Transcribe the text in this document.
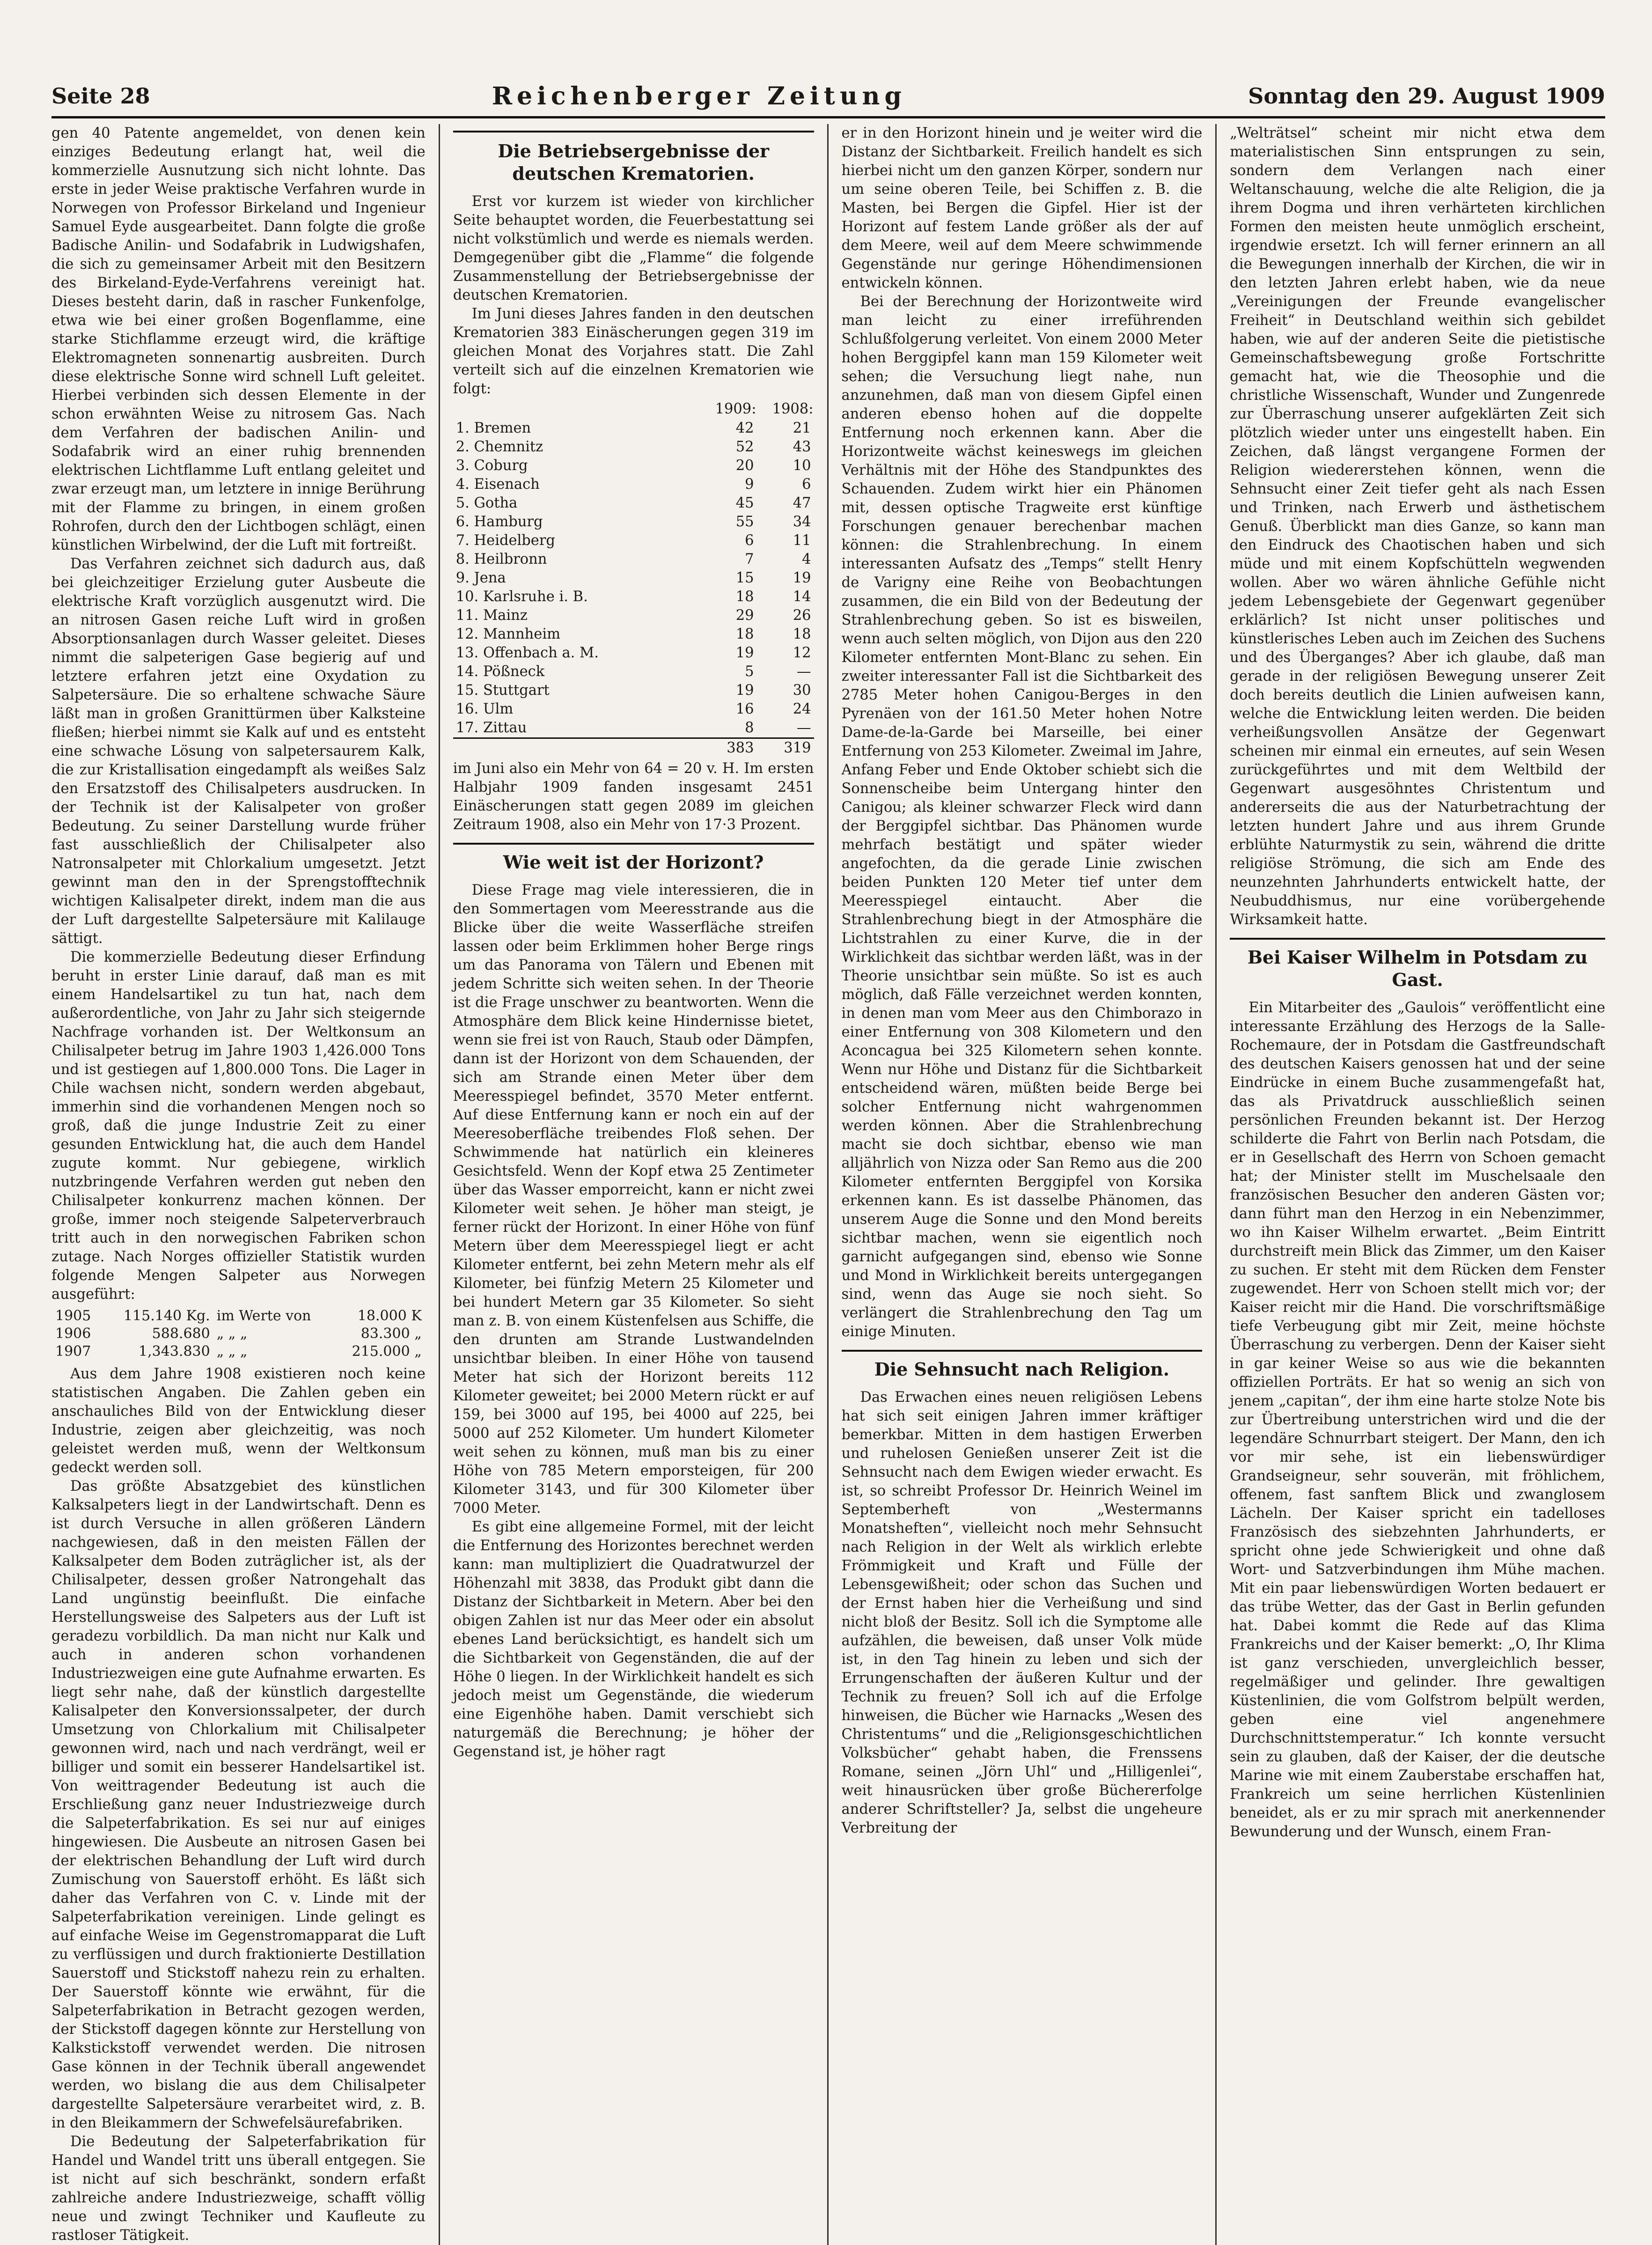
Seite 28	Reichenberger Zeitung	Sonntag den 29. August 1909

gen 40 Patente angemeldet, von denen kein einziges Bedeutung erlangt hat, weil die kommerzielle Ausnutzung sich nicht lohnte. Das erste in jeder Weise praktische Verfahren wurde in Norwegen von Professor Birkeland und Ingenieur Samuel Eyde ausgearbeitet. Dann folgte die große Badische Anilin- und Sodafabrik in Ludwigshafen, die sich zu gemeinsamer Arbeit mit den Besitzern des Birkeland-Eyde-Verfahrens vereinigt hat. Dieses besteht darin, daß in rascher Funkenfolge, etwa wie bei einer großen Bogenflamme, eine starke Stichflamme erzeugt wird, die kräftige Elektromagneten sonnenartig ausbreiten. Durch diese elektrische Sonne wird schnell Luft geleitet. Hierbei verbinden sich dessen Elemente in der schon erwähnten Weise zu nitrosem Gas. Nach dem Verfahren der badischen Anilin- und Sodafabrik wird an einer ruhig brennenden elektrischen Lichtflamme Luft entlang geleitet und zwar erzeugt man, um letztere in innige Berührung mit der Flamme zu bringen, in einem großen Rohrofen, durch den der Lichtbogen schlägt, einen künstlichen Wirbelwind, der die Luft mit fortreißt.

Das Verfahren zeichnet sich dadurch aus, daß bei gleichzeitiger Erzielung guter Ausbeute die elektrische Kraft vorzüglich ausgenutzt wird. Die an nitrosen Gasen reiche Luft wird in großen Absorptionsanlagen durch Wasser geleitet. Dieses nimmt die salpeterigen Gase begierig auf und letztere erfahren jetzt eine Oxydation zu Salpetersäure. Die so erhaltene schwache Säure läßt man in großen Granittürmen über Kalksteine fließen; hierbei nimmt sie Kalk auf und es entsteht eine schwache Lösung von salpetersaurem Kalk, die zur Kristallisation eingedampft als weißes Salz den Ersatzstoff des Chilisalpeters ausdrucken. In der Technik ist der Kalisalpeter von großer Bedeutung. Zu seiner Darstellung wurde früher fast ausschließlich der Chilisalpeter also Natronsalpeter mit Chlorkalium umgesetzt. Jetzt gewinnt man den in der Sprengstofftechnik wichtigen Kalisalpeter direkt, indem man die aus der Luft dargestellte Salpetersäure mit Kalilauge sättigt.

Die kommerzielle Bedeutung dieser Erfindung beruht in erster Linie darauf, daß man es mit einem Handelsartikel zu tun hat, nach dem außerordentliche, von Jahr zu Jahr sich steigernde Nachfrage vorhanden ist. Der Weltkonsum an Chilisalpeter betrug im Jahre 1903 1,426.000 Tons und ist gestiegen auf 1,800.000 Tons. Die Lager in Chile wachsen nicht, sondern werden abgebaut, immerhin sind die vorhandenen Mengen noch so groß, daß die junge Industrie Zeit zu einer gesunden Entwicklung hat, die auch dem Handel zugute kommt. Nur gebiegene, wirklich nutzbringende Verfahren werden gut neben den Chilisalpeter konkurrenz machen können. Der große, immer noch steigende Salpeterverbrauch tritt auch in den norwegischen Fabriken schon zutage. Nach Norges offizieller Statistik wurden folgende Mengen Salpeter aus Norwegen ausgeführt:

1905	115.140 Kg.	im Werte von	18.000 K
1906	588.680	„ „ „	83.300 „
1907	1,343.830	„ „ „	215.000 „

Aus dem Jahre 1908 existieren noch keine statistischen Angaben. Die Zahlen geben ein anschauliches Bild von der Entwicklung dieser Industrie, zeigen aber gleichzeitig, was noch geleistet werden muß, wenn der Weltkonsum gedeckt werden soll.

Das größte Absatzgebiet des künstlichen Kalksalpeters liegt in der Landwirtschaft. Denn es ist durch Versuche in allen größeren Ländern nachgewiesen, daß in den meisten Fällen der Kalksalpeter dem Boden zuträglicher ist, als der Chilisalpeter, dessen großer Natrongehalt das Land ungünstig beeinflußt. Die einfache Herstellungsweise des Salpeters aus der Luft ist geradezu vorbildlich. Da man nicht nur Kalk und auch in anderen schon vorhandenen Industriezweigen eine gute Aufnahme erwarten. Es liegt sehr nahe, daß der künstlich dargestellte Kalisalpeter den Konversionssalpeter, der durch Umsetzung von Chlorkalium mit Chilisalpeter gewonnen wird, nach und nach verdrängt, weil er billiger und somit ein besserer Handelsartikel ist. Von weittragender Bedeutung ist auch die Erschließung ganz neuer Industriezweige durch die Salpeterfabrikation. Es sei nur auf einiges hingewiesen. Die Ausbeute an nitrosen Gasen bei der elektrischen Behandlung der Luft wird durch Zumischung von Sauerstoff erhöht. Es läßt sich daher das Verfahren von C. v. Linde mit der Salpeterfabrikation vereinigen. Linde gelingt es auf einfache Weise im Gegenstromapparat die Luft zu verflüssigen und durch fraktionierte Destillation Sauerstoff und Stickstoff nahezu rein zu erhalten. Der Sauerstoff könnte wie erwähnt, für die Salpeterfabrikation in Betracht gezogen werden, der Stickstoff dagegen könnte zur Herstellung von Kalkstickstoff verwendet werden. Die nitrosen Gase können in der Technik überall angewendet werden, wo bislang die aus dem Chilisalpeter dargestellte Salpetersäure verarbeitet wird, z. B. in den Bleikammern der Schwefelsäurefabriken.

Die Bedeutung der Salpeterfabrikation für Handel und Wandel tritt uns überall entgegen. Sie ist nicht auf sich beschränkt, sondern erfaßt zahlreiche andere Industriezweige, schafft völlig neue und zwingt Techniker und Kaufleute zu rastloser Tätigkeit.

Die Betriebsergebnisse der deutschen Krematorien.

Erst vor kurzem ist wieder von kirchlicher Seite behauptet worden, die Feuerbestattung sei nicht volkstümlich und werde es niemals werden. Demgegenüber gibt die „Flamme“ die folgende Zusammenstellung der Betriebsergebnisse der deutschen Krematorien.

Im Juni dieses Jahres fanden in den deutschen Krematorien 383 Einäscherungen gegen 319 im gleichen Monat des Vorjahres statt. Die Zahl verteilt sich auf die einzelnen Krematorien wie folgt:

	1909:	1908:
1. Bremen	42	21
2. Chemnitz	52	43
3. Coburg	20	10
4. Eisenach	9	6
5. Gotha	45	47
6. Hamburg	55	34
7. Heidelberg	6	11
8. Heilbronn	7	4
9. Jena	15	19
10. Karlsruhe i. B.	18	14
11. Mainz	29	26
12. Mannheim	18	18
13. Offenbach a. M.	19	12
14. Pößneck	5	—
15. Stuttgart	19	30
16. Ulm	16	24
17. Zittau	8	—
	383	319

im Juni also ein Mehr von 64 = 20 v. H. Im ersten Halbjahr 1909 fanden insgesamt 2451 Einäscherungen statt gegen 2089 im gleichen Zeitraum 1908, also ein Mehr von 17·3 Prozent.

Wie weit ist der Horizont?

Diese Frage mag viele interessieren, die in den Sommertagen vom Meeresstrande aus die Blicke über die weite Wasserfläche streifen lassen oder beim Erklimmen hoher Berge rings um das Panorama von Tälern und Ebenen mit jedem Schritte sich weiten sehen. In der Theorie ist die Frage unschwer zu beantworten. Wenn die Atmosphäre dem Blick keine Hindernisse bietet, wenn sie frei ist von Rauch, Staub oder Dämpfen, dann ist der Horizont von dem Schauenden, der sich am Strande einen Meter über dem Meeresspiegel befindet, 3570 Meter entfernt. Auf diese Entfernung kann er noch ein auf der Meeresoberfläche treibendes Floß sehen. Der Schwimmende hat natürlich ein kleineres Gesichtsfeld. Wenn der Kopf etwa 25 Zentimeter über das Wasser emporreicht, kann er nicht zwei Kilometer weit sehen. Je höher man steigt, je ferner rückt der Horizont. In einer Höhe von fünf Metern über dem Meeresspiegel liegt er acht Kilometer entfernt, bei zehn Metern mehr als elf Kilometer, bei fünfzig Metern 25 Kilometer und bei hundert Metern gar 35 Kilometer. So sieht man z. B. von einem Küstenfelsen aus Schiffe, die den drunten am Strande Lustwandelnden unsichtbar bleiben. In einer Höhe von tausend Meter hat sich der Horizont bereits 112 Kilometer geweitet; bei 2000 Metern rückt er auf 159, bei 3000 auf 195, bei 4000 auf 225, bei 5000 auf 252 Kilometer. Um hundert Kilometer weit sehen zu können, muß man bis zu einer Höhe von 785 Metern emporsteigen, für 200 Kilometer 3143, und für 300 Kilometer über 7000 Meter.

Es gibt eine allgemeine Formel, mit der leicht die Entfernung des Horizontes berechnet werden kann: man multipliziert die Quadratwurzel der Höhenzahl mit 3838, das Produkt gibt dann die Distanz der Sichtbarkeit in Metern. Aber bei den obigen Zahlen ist nur das Meer oder ein absolut ebenes Land berücksichtigt, es handelt sich um die Sichtbarkeit von Gegenständen, die auf der Höhe 0 liegen. In der Wirklichkeit handelt es sich jedoch meist um Gegenstände, die wiederum eine Eigenhöhe haben. Damit verschiebt sich naturgemäß die Berechnung; je höher der Gegenstand ist, je höher ragt

er in den Horizont hinein und je weiter wird die Distanz der Sichtbarkeit. Freilich handelt es sich hierbei nicht um den ganzen Körper, sondern nur um seine oberen Teile, bei Schiffen z. B. die Masten, bei Bergen die Gipfel. Hier ist der Horizont auf festem Lande größer als der auf dem Meere, weil auf dem Meere schwimmende Gegenstände nur geringe Höhendimensionen entwickeln können.

Bei der Berechnung der Horizontweite wird man leicht zu einer irreführenden Schlußfolgerung verleitet. Von einem 2000 Meter hohen Berggipfel kann man 159 Kilometer weit sehen; die Versuchung liegt nahe, nun anzunehmen, daß man von diesem Gipfel einen anderen ebenso hohen auf die doppelte Entfernung noch erkennen kann. Aber die Horizontweite wächst keineswegs im gleichen Verhältnis mit der Höhe des Standpunktes des Schauenden. Zudem wirkt hier ein Phänomen mit, dessen optische Tragweite erst künftige Forschungen genauer berechenbar machen können: die Strahlenbrechung. In einem interessanten Aufsatz des „Temps“ stellt Henry de Varigny eine Reihe von Beobachtungen zusammen, die ein Bild von der Bedeutung der Strahlenbrechung geben. So ist es bisweilen, wenn auch selten möglich, von Dijon aus den 220 Kilometer entfernten Mont-Blanc zu sehen. Ein zweiter interessanter Fall ist die Sichtbarkeit des 2785 Meter hohen Canigou-Berges in den Pyrenäen von der 161.50 Meter hohen Notre Dame-de-la-Garde bei Marseille, bei einer Entfernung von 253 Kilometer. Zweimal im Jahre, Anfang Feber und Ende Oktober schiebt sich die Sonnenscheibe beim Untergang hinter den Canigou; als kleiner schwarzer Fleck wird dann der Berggipfel sichtbar. Das Phänomen wurde mehrfach bestätigt und später wieder angefochten, da die gerade Linie zwischen beiden Punkten 120 Meter tief unter dem Meeresspiegel eintaucht. Aber die Strahlenbrechung biegt in der Atmosphäre die Lichtstrahlen zu einer Kurve, die in der Wirklichkeit das sichtbar werden läßt, was in der Theorie unsichtbar sein müßte. So ist es auch möglich, daß Fälle verzeichnet werden konnten, in denen man vom Meer aus den Chimborazo in einer Entfernung von 308 Kilometern und den Aconcagua bei 325 Kilometern sehen konnte. Wenn nur Höhe und Distanz für die Sichtbarkeit entscheidend wären, müßten beide Berge bei solcher Entfernung nicht wahrgenommen werden können. Aber die Strahlenbrechung macht sie doch sichtbar, ebenso wie man alljährlich von Nizza oder San Remo aus die 200 Kilometer entfernten Berggipfel von Korsika erkennen kann. Es ist dasselbe Phänomen, das unserem Auge die Sonne und den Mond bereits sichtbar machen, wenn sie eigentlich noch garnicht aufgegangen sind, ebenso wie Sonne und Mond in Wirklichkeit bereits untergegangen sind, wenn das Auge sie noch sieht. So verlängert die Strahlenbrechung den Tag um einige Minuten.

Die Sehnsucht nach Religion.

Das Erwachen eines neuen religiösen Lebens hat sich seit einigen Jahren immer kräftiger bemerkbar. Mitten in dem hastigen Erwerben und ruhelosen Genießen unserer Zeit ist die Sehnsucht nach dem Ewigen wieder erwacht. Es ist, so schreibt Professor Dr. Heinrich Weinel im Septemberheft von „Westermanns Monatsheften“, vielleicht noch mehr Sehnsucht nach Religion in der Welt als wirklich erlebte Frömmigkeit und Kraft und Fülle der Lebensgewißheit; oder schon das Suchen und der Ernst haben hier die Verheißung und sind nicht bloß der Besitz. Soll ich die Symptome alle aufzählen, die beweisen, daß unser Volk müde ist, in den Tag hinein zu leben und sich der Errungenschaften der äußeren Kultur und der Technik zu freuen? Soll ich auf die Erfolge hinweisen, die Bücher wie Harnacks „Wesen des Christentums“ und die „Religionsgeschichtlichen Volksbücher“ gehabt haben, die Frenssens Romane, seinen „Jörn Uhl“ und „Hilligenlei“, weit hinausrücken über große Büchererfolge anderer Schriftsteller? Ja, selbst die ungeheure Verbreitung der

„Welträtsel“ scheint mir nicht etwa dem materialistischen Sinn entsprungen zu sein, sondern dem Verlangen nach einer Weltanschauung, welche die alte Religion, die ja ihrem Dogma und ihren verhärteten kirchlichen Formen den meisten heute unmöglich erscheint, irgendwie ersetzt. Ich will ferner erinnern an all die Bewegungen innerhalb der Kirchen, die wir in den letzten Jahren erlebt haben, wie da neue „Vereinigungen der Freunde evangelischer Freiheit“ in Deutschland weithin sich gebildet haben, wie auf der anderen Seite die pietistische Gemeinschaftsbewegung große Fortschritte gemacht hat, wie die Theosophie und die christliche Wissenschaft, Wunder und Zungenrede zur Überraschung unserer aufgeklärten Zeit sich plötzlich wieder unter uns eingestellt haben. Ein Zeichen, daß längst vergangene Formen der Religion wiedererstehen können, wenn die Sehnsucht einer Zeit tiefer geht als nach Essen und Trinken, nach Erwerb und ästhetischem Genuß. Überblickt man dies Ganze, so kann man den Eindruck des Chaotischen haben und sich müde und mit einem Kopfschütteln wegwenden wollen. Aber wo wären ähnliche Gefühle nicht jedem Lebensgebiete der Gegenwart gegenüber erklärlich? Ist nicht unser politisches und künstlerisches Leben auch im Zeichen des Suchens und des Überganges? Aber ich glaube, daß man gerade in der religiösen Bewegung unserer Zeit doch bereits deutlich die Linien aufweisen kann, welche die Entwicklung leiten werden. Die beiden verheißungsvollen Ansätze der Gegenwart scheinen mir einmal ein erneutes, auf sein Wesen zurückgeführtes und mit dem Weltbild der Gegenwart ausgesöhntes Christentum und andererseits die aus der Naturbetrachtung der letzten hundert Jahre und aus ihrem Grunde erblühte Naturmystik zu sein, während die dritte religiöse Strömung, die sich am Ende des neunzehnten Jahrhunderts entwickelt hatte, der Neubuddhismus, nur eine vorübergehende Wirksamkeit hatte.

Bei Kaiser Wilhelm in Potsdam zu Gast.

Ein Mitarbeiter des „Gaulois“ veröffentlicht eine interessante Erzählung des Herzogs de la Salle-Rochemaure, der in Potsdam die Gastfreundschaft des deutschen Kaisers genossen hat und der seine Eindrücke in einem Buche zusammengefaßt hat, das als Privatdruck ausschließlich seinen persönlichen Freunden bekannt ist. Der Herzog schilderte die Fahrt von Berlin nach Potsdam, die er in Gesellschaft des Herrn von Schoen gemacht hat; der Minister stellt im Muschelsaale den französischen Besucher den anderen Gästen vor; dann führt man den Herzog in ein Nebenzimmer, wo ihn Kaiser Wilhelm erwartet. „Beim Eintritt durchstreift mein Blick das Zimmer, um den Kaiser zu suchen. Er steht mit dem Rücken dem Fenster zugewendet. Herr von Schoen stellt mich vor; der Kaiser reicht mir die Hand. Die vorschriftsmäßige tiefe Verbeugung gibt mir Zeit, meine höchste Überraschung zu verbergen. Denn der Kaiser sieht in gar keiner Weise so aus wie die bekannten offiziellen Porträts. Er hat so wenig an sich von jenem „capitan“, der ihm eine harte stolze Note bis zur Übertreibung unterstrichen wird und die der legendäre Schnurrbart steigert. Der Mann, den ich vor mir sehe, ist ein liebenswürdiger Grandseigneur, sehr souverän, mit fröhlichem, offenem, fast sanftem Blick und zwanglosem Lächeln. Der Kaiser spricht ein tadelloses Französisch des siebzehnten Jahrhunderts, er spricht ohne jede Schwierigkeit und ohne daß Wort- und Satzverbindungen ihm Mühe machen. Mit ein paar liebenswürdigen Worten bedauert er das trübe Wetter, das der Gast in Berlin gefunden hat. Dabei kommt die Rede auf das Klima Frankreichs und der Kaiser bemerkt: „O, Ihr Klima ist ganz verschieden, unvergleichlich besser, regelmäßiger und gelinder. Ihre gewaltigen Küstenlinien, die vom Golfstrom belpült werden, geben eine viel angenehmere Durchschnittstemperatur.“ Ich konnte versucht sein zu glauben, daß der Kaiser, der die deutsche Marine wie mit einem Zauberstabe erschaffen hat, Frankreich um seine herrlichen Küstenlinien beneidet, als er zu mir sprach mit anerkennender Bewunderung und der Wunsch, einem Fran-
